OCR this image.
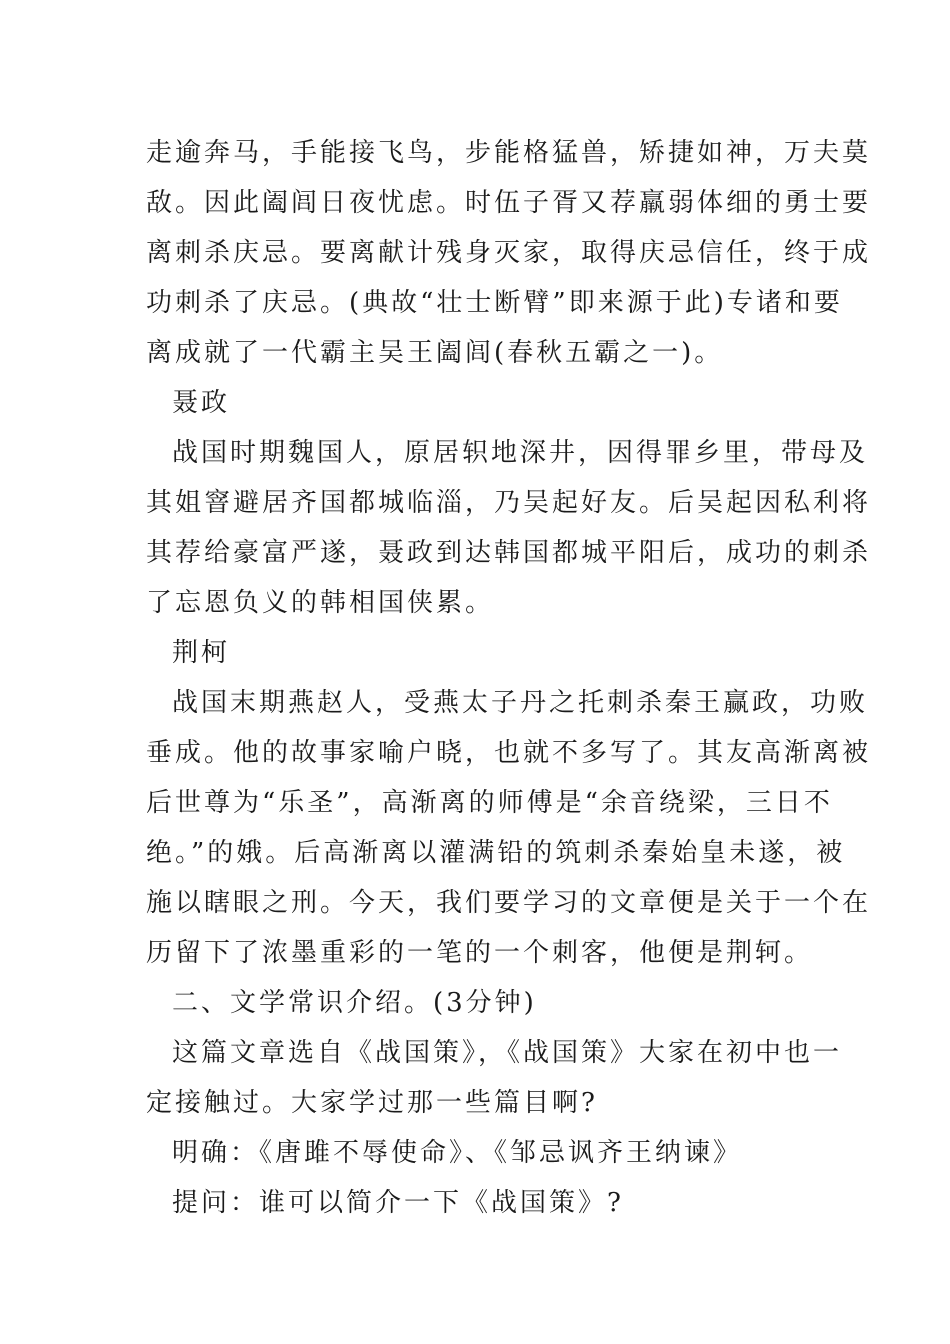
走逾奔马，手能接飞鸟，步能格猛兽，矫捷如神，万夫莫
敌。因此阖闾日夜忧虑。时伍子胥又荐羸弱体细的勇士要
离刺杀庆忌。要离献计残身灭家，取得庆忌信任，终于成
功刺杀了庆忌。(典故“壮士断臂”即来源于此)专诸和要
离成就了一代霸主吴王阖闾(春秋五霸之一)。
聂政
战国时期魏国人，原居轵地深井，因得罪乡里，带母及
其姐窨避居齐国都城临淄，乃吴起好友。后吴起因私利将
其荐给豪富严遂，聂政到达韩国都城平阳后，成功的刺杀
了忘恩负义的韩相国侠累。
荆柯
战国末期燕赵人，受燕太子丹之托刺杀秦王赢政，功败
垂成。他的故事家喻户晓，也就不多写了。其友高渐离被
后世尊为“乐圣”，高渐离的师傅是“余音绕梁，三日不
绝。”的娥。后高渐离以灌满铅的筑刺杀秦始皇未遂，被
施以瞎眼之刑。今天，我们要学习的文章便是关于一个在
历留下了浓墨重彩的一笔的一个刺客，他便是荆轲。
二、文学常识介绍。(3分钟)
这篇文章选自《战国策》，《战国策》大家在初中也一
定接触过。大家学过那一些篇目啊?
明确：《唐雎不辱使命》、《邹忌讽齐王纳谏》
提问：谁可以简介一下《战国策》?
